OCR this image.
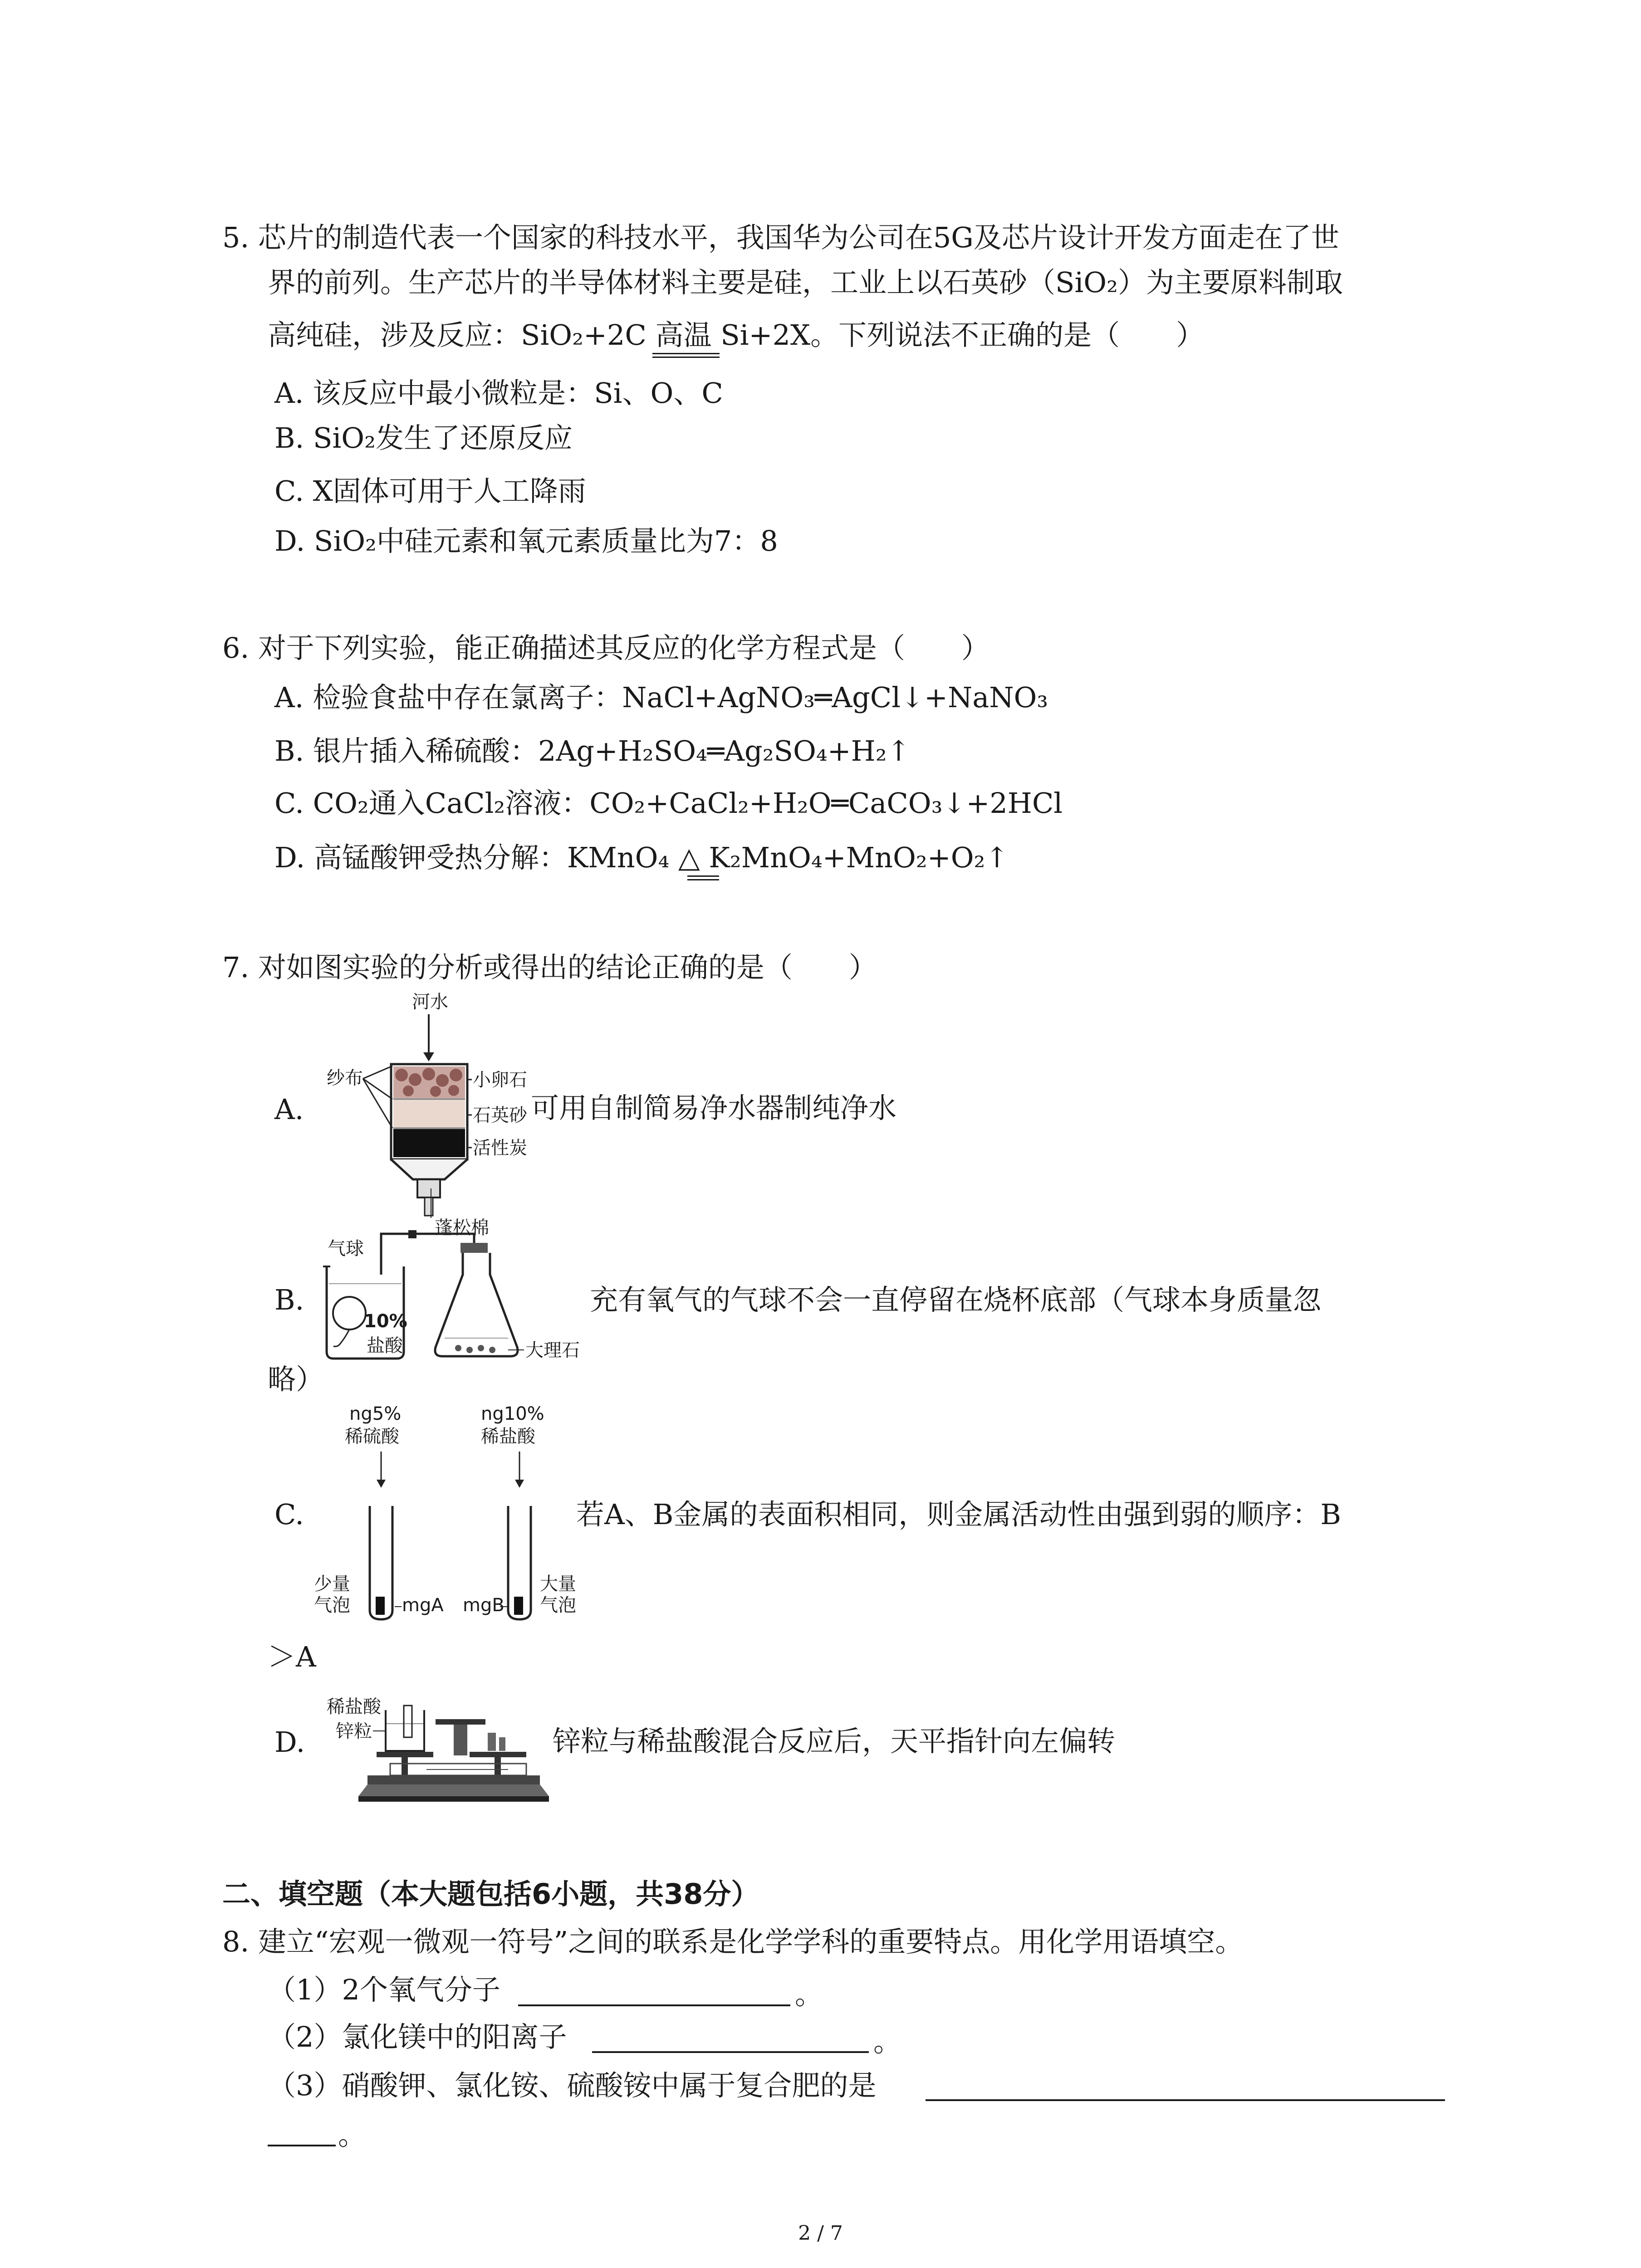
5. 芯片的制造代表一个国家的科技水平，我国华为公司在5G及芯片设计开发方面走在了世
界的前列。生产芯片的半导体材料主要是硅，工业上以石英砂（SiO₂）为主要原料制取
高纯硅，涉及反应：SiO₂+2C 高温 Si+2X。下列说法不正确的是（　　）
A. 该反应中最小微粒是：Si、O、C
B. SiO₂发生了还原反应
C. X固体可用于人工降雨
D. SiO₂中硅元素和氧元素质量比为7：8
6. 对于下列实验，能正确描述其反应的化学方程式是（　　）
A. 检验食盐中存在氯离子：NaCl+AgNO₃═AgCl↓+NaNO₃
B. 银片插入稀硫酸：2Ag+H₂SO₄═Ag₂SO₄+H₂↑
C. CO₂通入CaCl₂溶液：CO₂+CaCl₂+H₂O═CaCO₃↓+2HCl
D. 高锰酸钾受热分解：KMnO₄ △ K₂MnO₄+MnO₂+O₂↑
7. 对如图实验的分析或得出的结论正确的是（　　）
A.	可用自制简易净水器制纯净水
河水
纱布	小卵石
石英砂
活性炭
蓬松棉
B.	充有氧气的气球不会一直停留在烧杯底部（气球本身质量忽
略）
气球
10%
盐酸	大理石
C.	若A、B金属的表面积相同，则金属活动性由强到弱的顺序：B
＞A
ng5%
稀硫酸
ng10%
稀盐酸
少量
气泡	mgA mgB
大量
气泡
D.	锌粒与稀盐酸混合反应后，天平指针向左偏转
稀盐酸
锌粒
二、填空题（本大题包括6小题，共38分）
8. 建立“宏观一微观一符号”之间的联系是化学学科的重要特点。用化学用语填空。
（1）2个氧气分子	。
（2）氯化镁中的阳离子	。
（3）硝酸钾、氯化铵、硫酸铵中属于复合肥的是
。
2 / 7
